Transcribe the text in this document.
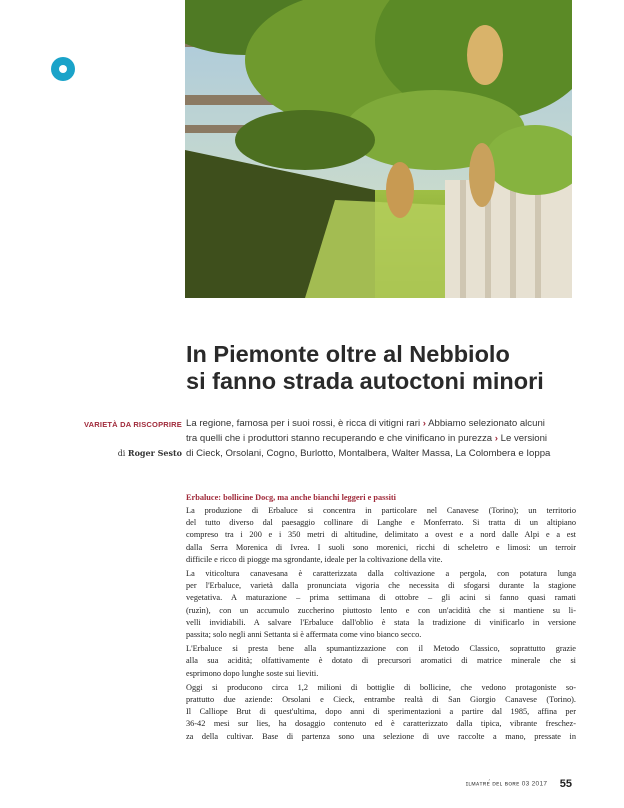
In Piemonte oltre al Nebbiolo
si fanno strada autoctoni minori
VARIETÀ DA RISCOPRIRE
di Roger Sesto

La regione, famosa per i suoi rossi, è ricca di vitigni rari › Abbiamo selezionato alcuni
tra quelli che i produttori stanno recuperando e che vinificano in purezza › Le versioni
di Cieck, Orsolani, Cogno, Burlotto, Montalbera, Walter Massa, La Colombera e Ioppa

Erbaluce: bollicine Docg, ma anche bianchi leggeri e passiti
La produzione di Erbaluce si concentra in particolare nel Canavese (Torino); un territorio
del tutto diverso dal paesaggio collinare di Langhe e Monferrato. Si tratta di un altipiano
compreso tra i 200 e i 350 metri di altitudine, delimitato a ovest e a nord dalle Alpi e a est
dalla Serra Morenica di Ivrea. I suoli sono morenici, ricchi di scheletro e limosi: un terroir
difficile e ricco di piogge ma sgrondante, ideale per la coltivazione della vite.
La viticoltura canavesana è caratterizzata dalla coltivazione a pergola, con potatura lunga
per l'Erbaluce, varietà dalla pronunciata vigoria che necessita di sfogarsi durante la stagione
vegetativa. A maturazione – prima settimana di ottobre – gli acini si fanno quasi ramati
(ruzìn), con un accumulo zuccherino piuttosto lento e con un'acidità che si mantiene su li-
velli invidiabili. A salvare l'Erbaluce dall'oblio è stata la tradizione di vinificarlo in versione
passita; solo negli anni Settanta si è affermata come vino bianco secco.
L'Erbaluce si presta bene alla spumantizzazione con il Metodo Classico, soprattutto grazie
alla sua acidità; olfattivamente è dotato di precursori aromatici di matrice minerale che si
esprimono dopo lunghe soste sui lieviti.
Oggi si producono circa 1,2 milioni di bottiglie di bollicine, che vedono protagoniste so-
prattutto due aziende: Orsolani e Cieck, entrambe realtà di San Giorgio Canavese (Torino).
Il Calliope Brut di quest'ultima, dopo anni di sperimentazioni a partire dal 1985, affina per
36-42 mesi sur lies, ha dosaggio contenuto ed è caratterizzato dalla tipica, vibrante freschez-
za della cultivar. Base di partenza sono una selezione di uve raccolte a mano, pressate in
ɪʟᴍᴀᴛʀᴇ́ ᴅᴇʟ ʙᴏʀᴇ 03 2017 55
